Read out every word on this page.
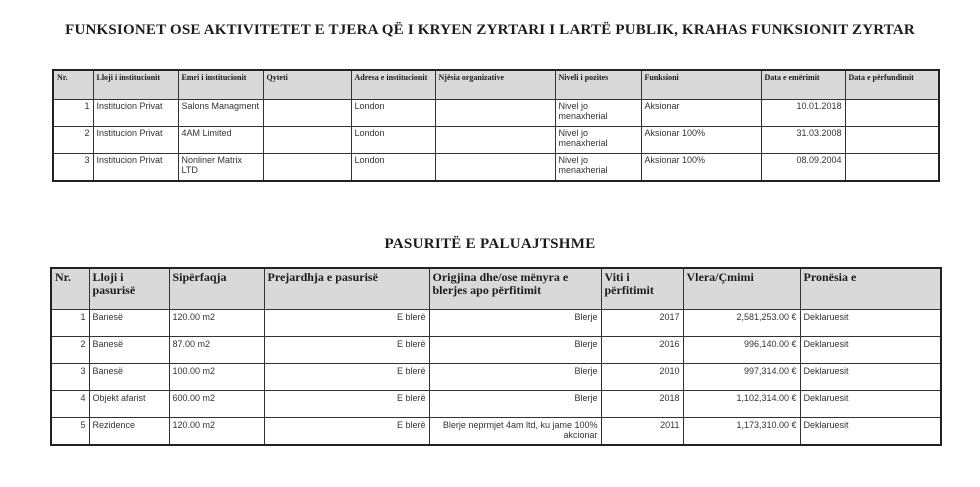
FUNKSIONET OSE AKTIVITETET E TJERA QË I KRYEN ZYRTARI I LARTË PUBLIK, KRAHAS FUNKSIONIT ZYRTAR
Nr.	Lloji i institucionit	Emri i institucionit	Qyteti	Adresa e institucionit	Njësia organizative	Niveli i pozites	Funksioni	Data e emërimit	Data e përfundimit
1	Institucion Privat	Salons Managment		London		Nivel jo menaxherial	Aksionar	10.01.2018	
2	Institucion Privat	4AM Limited		London		Nivel jo menaxherial	Aksionar 100%	31.03.2008	
3	Institucion Privat	Nonliner Matrix LTD		London		Nivel jo menaxherial	Aksionar 100%	08.09.2004	
PASURITË E PALUAJTSHME
Nr.	Lloji i pasurisë	Sipërfaqja	Prejardhja e pasurisë	Origjina dhe/ose mënyra e blerjes apo përfitimit	Viti i përfitimit	Vlera/Çmimi	Pronësia e
1	Banesë	120.00 m2	E blerë	Blerje	2017	2,581,253.00 €	Deklaruesit
2	Banesë	87.00 m2	E blerë	Blerje	2016	996,140.00 €	Deklaruesit
3	Banesë	100.00 m2	E blerë	Blerje	2010	997,314.00 €	Deklaruesit
4	Objekt afarist	600.00 m2	E blerë	Blerje	2018	1,102,314.00 €	Deklaruesit
5	Rezidence	120.00 m2	E blerë	Blerje neprmjet 4am ltd, ku jame 100% akcionar	2011	1,173,310.00 €	Deklaruesit
